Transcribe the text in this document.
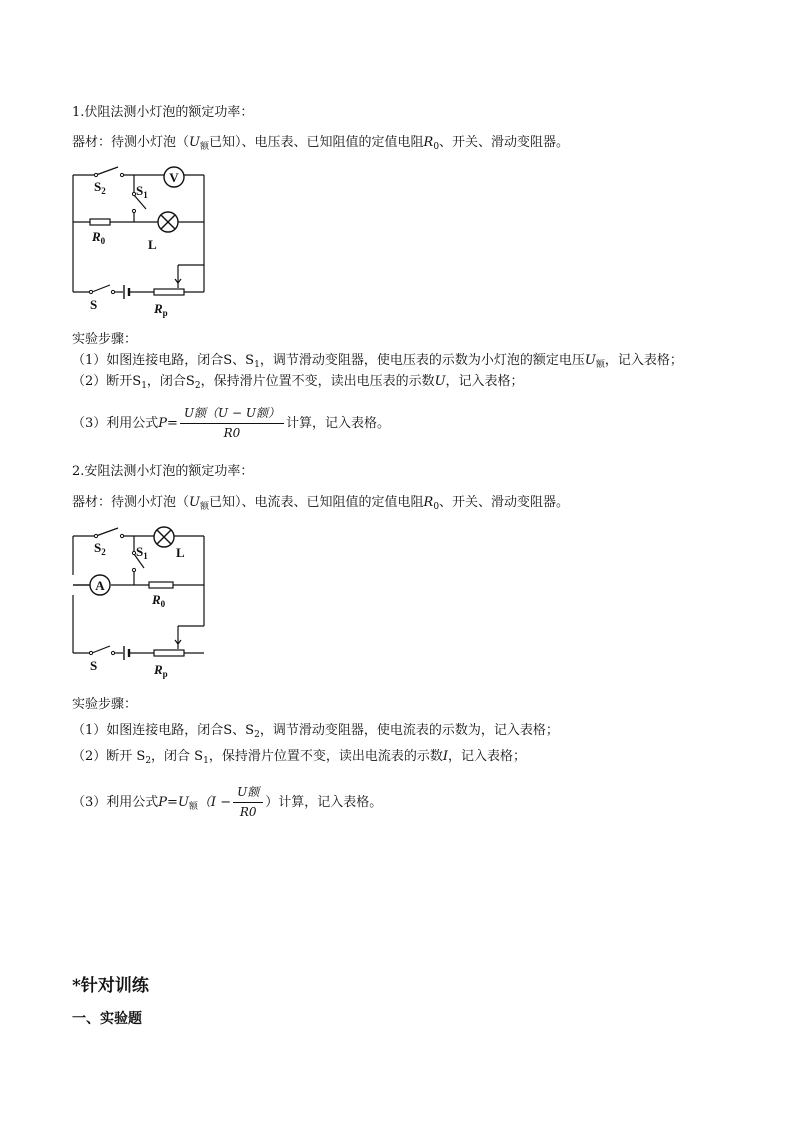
1.伏阻法测小灯泡的额定功率：
器材：待测小灯泡（$U_额$已知）、电压表、已知阻值的定值电阻$R_0$、开关、滑动变阻器。
V
$S_2$ $S_1$
$R_0$	L
S	$R_p$
实验步骤：
（1）如图连接电路，闭合S、$S_1$，调节滑动变阻器，使电压表的示数为小灯泡的额定电压$U_额$，记入表格；
（2）断开$S_1$，闭合$S_2$，保持滑片位置不变，读出电压表的示数U，记入表格；
（3）利用公式$P= \frac{\text{U额（U − U额）}}{R0}$ 计算，记入表格。
2.安阻法测小灯泡的额定功率：
器材：待测小灯泡（$U_额$已知）、电流表、已知阻值的定值电阻$R_0$、开关、滑动变阻器。
A
$S_2$ $S_1$ L
$R_0$
S	$R_p$
实验步骤：
（1）如图连接电路，闭合S、$S_2$，调节滑动变阻器，使电流表的示数为，记入表格；
（2）断开 $S_2$，闭合 $S_1$，保持滑片位置不变，读出电流表的示数I，记入表格；
（3）利用公式$P=U_额(I - \frac{\text{U额}}{R0}$ ）计算，记入表格。
*针对训练
一、实验题
